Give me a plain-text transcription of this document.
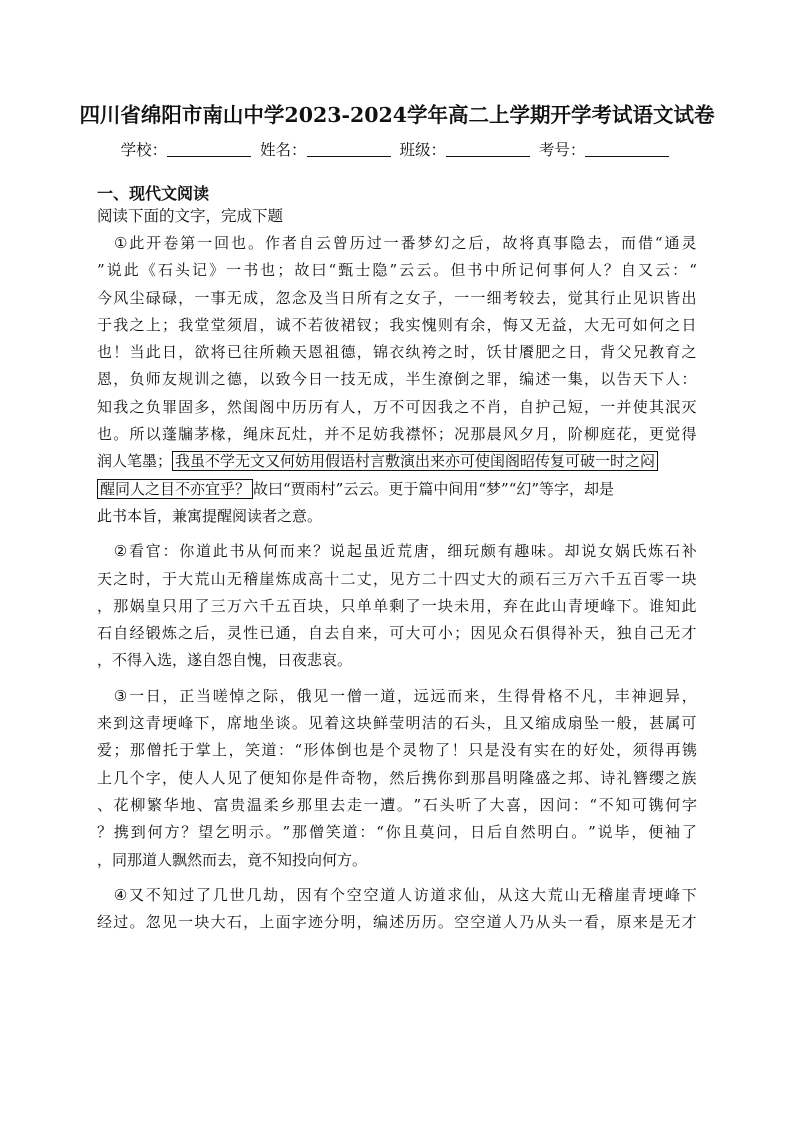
四川省绵阳市南山中学2023-2024学年高二上学期开学考试语文试卷
学校：	姓名：	班级：	考号：
一、现代文阅读
阅读下面的文字，完成下题

① 此 开 卷 第 一 回 也 。 作 者 自 云 曾 历 过 一 番 梦 幻 之 后 ， 故 将 真 事 隐 去 ， 而 借 “ 通 灵
” 说 此 《 石 头 记 》 一 书 也 ； 故 曰 “ 甄 士 隐 ” 云 云 。 但 书 中 所 记 何 事 何 人 ？ 自 又 云 ： “
今 风 尘 碌 碌 ， 一 事 无 成 ， 忽 念 及 当 日 所 有 之 女 子 ， 一 一 细 考 较 去 ， 觉 其 行 止 见 识 皆 出
于 我 之 上 ； 我 堂 堂 须 眉 ， 诚 不 若 彼 裙 钗 ； 我 实 愧 则 有 余 ， 悔 又 无 益 ， 大 无 可 如 何 之 日
也 ！ 当 此 日 ， 欲 将 已 往 所 赖 天 恩 祖 德 ， 锦 衣 纨 袴 之 时 ， 饫 甘 餍 肥 之 日 ， 背 父 兄 教 育 之
恩 ， 负 师 友 规 训 之 德 ， 以 致 今 日 一 技 无 成 ， 半 生 潦 倒 之 罪 ， 编 述 一 集 ， 以 告 天 下 人 ：
知 我 之 负 罪 固 多 ， 然 闺 阁 中 历 历 有 人 ， 万 不 可 因 我 之 不 肖 ， 自 护 己 短 ， 一 并 使 其 泯 灭
也 。 所 以 蓬 牖 茅 椽 ， 绳 床 瓦 灶 ， 并 不 足 妨 我 襟 怀 ； 况 那 晨 风 夕 月 ， 阶 柳 庭 花 ， 更 觉 得
润人笔墨； 我虽不学无文又何妨用假语村言敷演出来亦可使闺阁昭传复可破一时之闷
醒同人之目不亦宜乎？ 故曰“贾雨村”云云。更于篇中间用“梦”“幻”等字，却是
此书本旨，兼寓提醒阅读者之意。

② 看 官 ： 你 道 此 书 从 何 而 来 ？ 说 起 虽 近 荒 唐 ， 细 玩 颇 有 趣 味 。 却 说 女 娲 氏 炼 石 补
天 之 时 ， 于 大 荒 山 无 稽 崖 炼 成 高 十 二 丈 ， 见 方 二 十 四 丈 大 的 顽 石 三 万 六 千 五 百 零 一 块
， 那 娲 皇 只 用 了 三 万 六 千 五 百 块 ， 只 单 单 剩 了 一 块 未 用 ， 弃 在 此 山 青 埂 峰 下 。 谁 知 此
石 自 经 锻 炼 之 后 ， 灵 性 已 通 ， 自 去 自 来 ， 可 大 可 小 ； 因 见 众 石 俱 得 补 天 ， 独 自 己 无 才
，不得入选，遂自怨自愧，日夜悲哀。

③ 一 日 ， 正 当 嗟 悼 之 际 ， 俄 见 一 僧 一 道 ， 远 远 而 来 ， 生 得 骨 格 不 凡 ， 丰 神 迥 异 ，
来 到 这 青 埂 峰 下 ， 席 地 坐 谈 。 见 着 这 块 鲜 莹 明 洁 的 石 头 ， 且 又 缩 成 扇 坠 一 般 ， 甚 属 可
爱 ； 那 僧 托 于 掌 上 ， 笑 道 ： “ 形 体 倒 也 是 个 灵 物 了 ！ 只 是 没 有 实 在 的 好 处 ， 须 得 再 镌
上 几 个 字 ， 使 人 人 见 了 便 知 你 是 件 奇 物 ， 然 后 携 你 到 那 昌 明 隆 盛 之 邦 、 诗 礼 簪 缨 之 族
、 花 柳 繁 华 地 、 富 贵 温 柔 乡 那 里 去 走 一 遭 。 ” 石 头 听 了 大 喜 ， 因 问 ： “ 不 知 可 镌 何 字
？ 携 到 何 方 ？ 望 乞 明 示 。 ” 那 僧 笑 道 ： “ 你 且 莫 问 ， 日 后 自 然 明 白 。 ” 说 毕 ， 便 袖 了
，同那道人飘然而去，竟不知投向何方。

④ 又 不 知 过 了 几 世 几 劫 ， 因 有 个 空 空 道 人 访 道 求 仙 ， 从 这 大 荒 山 无 稽 崖 青 埂 峰 下
经 过 。 忽 见 一 块 大 石 ， 上 面 字 迹 分 明 ， 编 述 历 历 。 空 空 道 人 乃 从 头 一 看 ， 原 来 是 无 才
